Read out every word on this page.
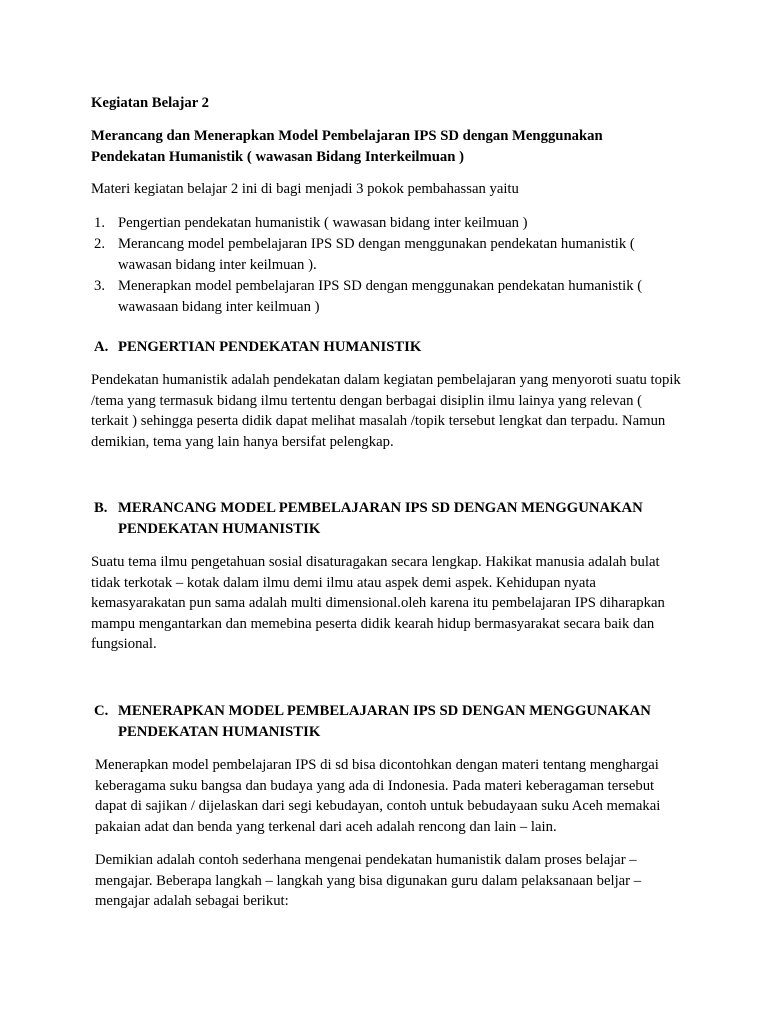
Kegiatan Belajar 2

Merancang dan Menerapkan Model Pembelajaran IPS SD dengan Menggunakan Pendekatan Humanistik ( wawasan Bidang Interkeilmuan )

Materi kegiatan belajar 2 ini di bagi menjadi 3 pokok pembahassan yaitu

1. Pengertian pendekatan humanistik ( wawasan bidang inter keilmuan )
2. Merancang model pembelajaran IPS SD dengan menggunakan pendekatan humanistik ( wawasan bidang inter keilmuan ).
3. Menerapkan model pembelajaran IPS SD dengan menggunakan pendekatan humanistik ( wawasaan bidang inter keilmuan )
A. PENGERTIAN PENDEKATAN HUMANISTIK

Pendekatan humanistik adalah pendekatan dalam kegiatan pembelajaran yang menyoroti suatu topik /tema yang termasuk bidang ilmu tertentu dengan berbagai disiplin ilmu lainya yang relevan ( terkait ) sehingga peserta didik dapat melihat masalah /topik tersebut lengkat dan terpadu. Namun demikian, tema yang lain hanya bersifat pelengkap.

B. MERANCANG MODEL PEMBELAJARAN IPS SD DENGAN MENGGUNAKAN PENDEKATAN HUMANISTIK

Suatu tema ilmu pengetahuan sosial disaturagakan secara lengkap. Hakikat manusia adalah bulat tidak terkotak – kotak dalam ilmu demi ilmu atau aspek demi aspek. Kehidupan nyata kemasyarakatan pun sama adalah multi dimensional.oleh karena itu pembelajaran IPS diharapkan mampu mengantarkan dan memebina peserta didik kearah hidup bermasyarakat secara baik dan fungsional.

C. MENERAPKAN MODEL PEMBELAJARAN IPS SD DENGAN MENGGUNAKAN PENDEKATAN HUMANISTIK

Menerapkan model pembelajaran IPS di sd bisa dicontohkan dengan materi tentang menghargai keberagama suku bangsa dan budaya yang ada di Indonesia. Pada materi keberagaman tersebut dapat di sajikan / dijelaskan dari segi kebudayan, contoh untuk bebudayaan suku Aceh memakai pakaian adat dan benda yang terkenal dari aceh adalah rencong dan lain – lain.

Demikian adalah contoh sederhana mengenai pendekatan humanistik dalam proses belajar – mengajar. Beberapa langkah – langkah yang bisa digunakan guru dalam pelaksanaan beljar – mengajar adalah sebagai berikut:
